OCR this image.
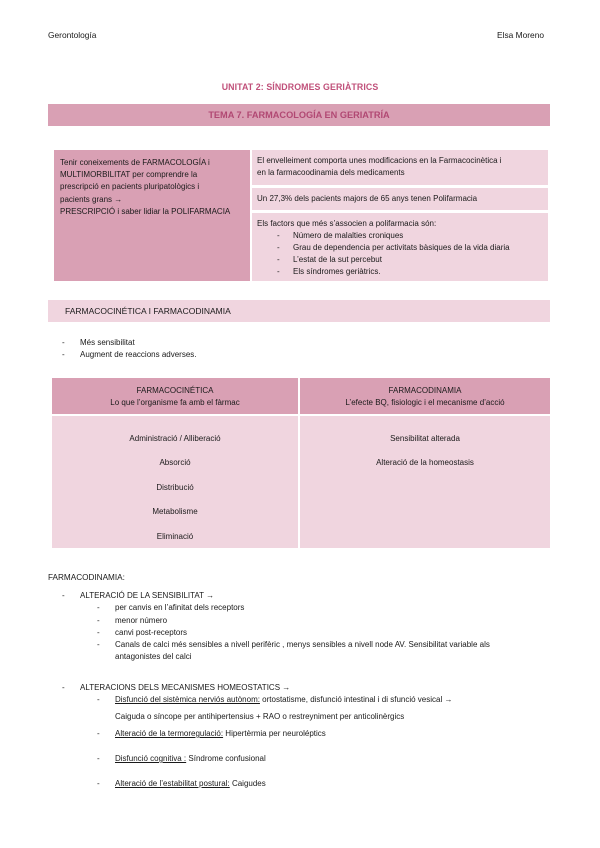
Gerontología	Elsa Moreno
UNITAT 2: SÍNDROMES GERIÀTRICS
TEMA 7. FARMACOLOGÍA EN GERIATRÍA
Tenir coneixements de FARMACOLOGÍA i
MULTIMORBILITAT per comprendre la
prescripció en pacients pluripatològics i
pacients grans →
PRESCRIPCIÓ i saber lidiar la POLIFARMACIA
El envelleiment comporta unes modificacions en la Farmacocinètica i
en la farmacoodinamia dels medicaments
Un 27,3% dels pacients majors de 65 anys tenen Polifarmacia
Els factors que més s’associen a polifarmacia són:
- Número de malalties croniques
- Grau de dependencia per activitats bàsiques de la vida diaria
- L’estat de la sut percebut
- Els síndromes geriàtrics.
FARMACOCINÉTICA I FARMACODINAMIA
- Més sensibilitat
- Augment de reaccions adverses.
FARMACOCINÉTICA
Lo que l’organisme fa amb el fàrmac
FARMACODINAMIA
L’efecte BQ, fisiologic i el mecanisme d’acció
Administració / Alliberació
Absorció
Distribució
Metabolisme
Eliminació
Sensibilitat alterada
Alteració de la homeostasis
FARMACODINAMIA:
ALTERACIÓ DE LA SENSIBILITAT →
- per canvis en l’afinitat dels receptors
- menor número
- canvi post-receptors
- Canals de calci més sensibles a nivell perifèric , menys sensibles a nivell node AV. Sensibilitat variable als
antagonistes del calci
ALTERACIONS DELS MECANISMES HOMEOSTATICS →
- Disfunció del sistèmica nerviós autònom: ortostatisme, disfunció intestinal i di sfunció vesical →
Caiguda o síncope per antihipertensius + RAO o restreyniment per anticolinèrgics
- Alteració de la termoregulació: Hipertèrmia per neuroléptics
- Disfunció cognitiva : Síndrome confusional
- Alteració de l’estabilitat postural: Caigudes
